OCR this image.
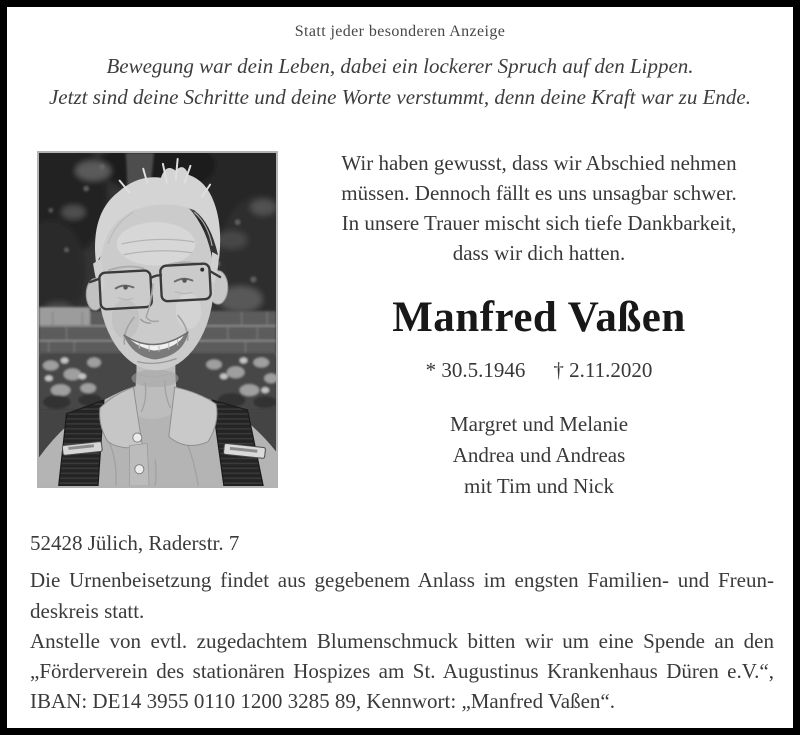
Statt jeder besonderen Anzeige
Bewegung war dein Leben, dabei ein lockerer Spruch auf den Lippen.
Jetzt sind deine Schritte und deine Worte verstummt, denn deine Kraft war zu Ende.
Wir haben gewusst, dass wir Abschied nehmen
müssen. Dennoch fällt es uns unsagbar schwer.
In unsere Trauer mischt sich tiefe Dankbarkeit,
dass wir dich hatten.
Manfred Vaßen
* 30.5.1946 † 2.11.2020
Margret und Melanie
Andrea und Andreas
mit Tim und Nick
52428 Jülich, Raderstr. 7
Die Urnenbeisetzung findet aus gegebenem Anlass im engsten Familien- und Freun-
deskreis statt.
Anstelle von evtl. zugedachtem Blumenschmuck bitten wir um eine Spende an den
„Förderverein des stationären Hospizes am St. Augustinus Krankenhaus Düren e.V.“,
IBAN: DE14 3955 0110 1200 3285 89, Kennwort: „Manfred Vaßen“.
